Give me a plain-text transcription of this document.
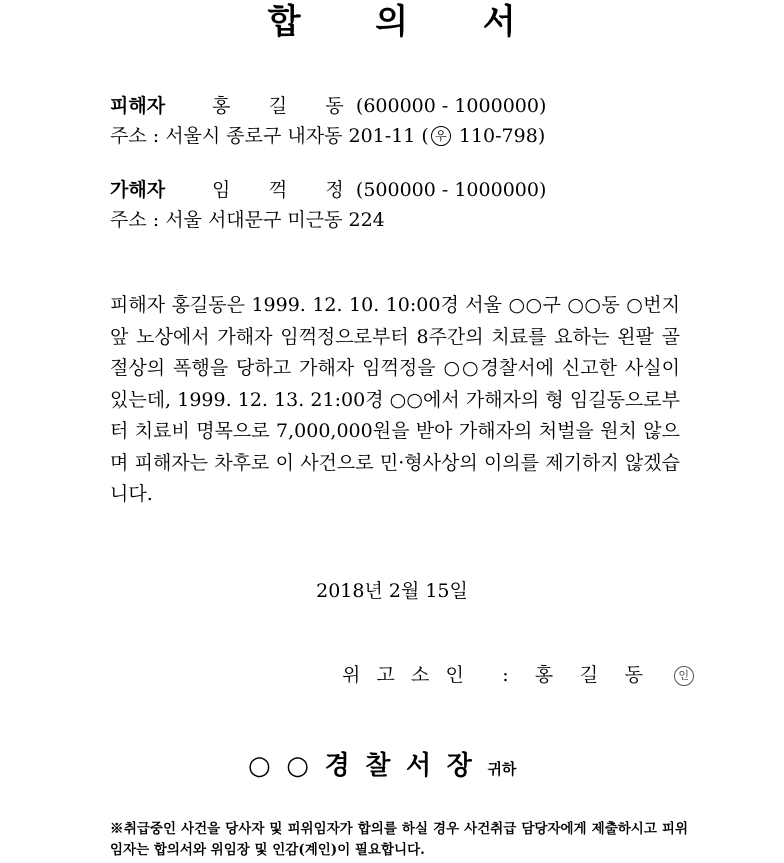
합 의 서
피해자 홍 길 동(600000 - 1000000)
주소 : 서울시 종로구 내자동 201-11 ( 우 110-798)
가해자 임 꺽 정(500000 - 1000000)
주소 : 서울 서대문구 미근동 224
피해자 홍길동은 1999. 12. 10. 10:00경 서울 ○○구 ○○동 ○번지 앞 노상에서 가해자 임꺽정으로부터 8주간의 치료를 요하는 왼팔 골절상의 폭행을 당하고 가해자 임꺽정을 ○○경찰서에 신고한 사실이 있는데, 1999. 12. 13. 21:00경 ○○에서 가해자의 형 임길동으로부터 치료비 명목으로 7,000,000원을 받아 가해자의 처벌을 원치 않으며 피해자는 차후로 이 사건으로 민·형사상의 이의를 제기하지 않겠습니다.
2018년 2월 15일
위고소인 : 홍길동 인
○○경찰서장귀하
※취급중인 사건을 당사자 및 피위임자가 합의를 하실 경우 사건취급 담당자에게 제출하시고 피위임자는 합의서와 위임장 및 인감(계인)이 필요합니다.
